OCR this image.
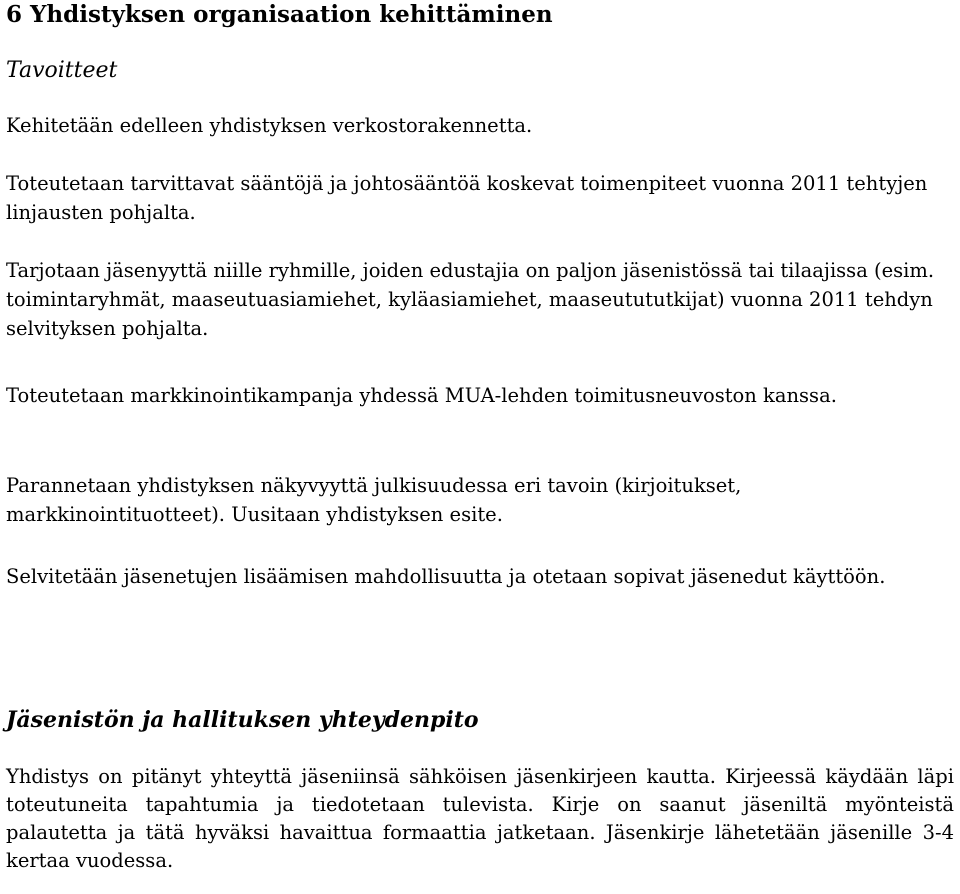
6 Yhdistyksen organisaation kehittäminen
Tavoitteet

Kehitetään edelleen yhdistyksen verkostorakennetta.

Toteutetaan tarvittavat sääntöjä ja johtosääntöä koskevat toimenpiteet vuonna 2011 tehtyjen linjausten pohjalta.

Tarjotaan jäsenyyttä niille ryhmille, joiden edustajia on paljon jäsenistössä tai tilaajissa (esim. toimintaryhmät, maaseutuasiamiehet, kyläasiamiehet, maaseutututkijat) vuonna 2011 tehdyn selvityksen pohjalta.

Toteutetaan markkinointikampanja yhdessä MUA-lehden toimitusneuvoston kanssa.

Parannetaan yhdistyksen näkyvyyttä julkisuudessa eri tavoin (kirjoitukset, markkinointituotteet). Uusitaan yhdistyksen esite.

Selvitetään jäsenetujen lisäämisen mahdollisuutta ja otetaan sopivat jäsenedut käyttöön.

Jäsenistön ja hallituksen yhteydenpito

Yhdistys on pitänyt yhteyttä jäseniinsä sähköisen jäsenkirjeen kautta. Kirjeessä käydään läpi toteutuneita tapahtumia ja tiedotetaan tulevista. Kirje on saanut jäseniltä myönteistä palautetta ja tätä hyväksi havaittua formaattia jatketaan. Jäsenkirje lähetetään jäsenille 3-4 kertaa vuodessa.
